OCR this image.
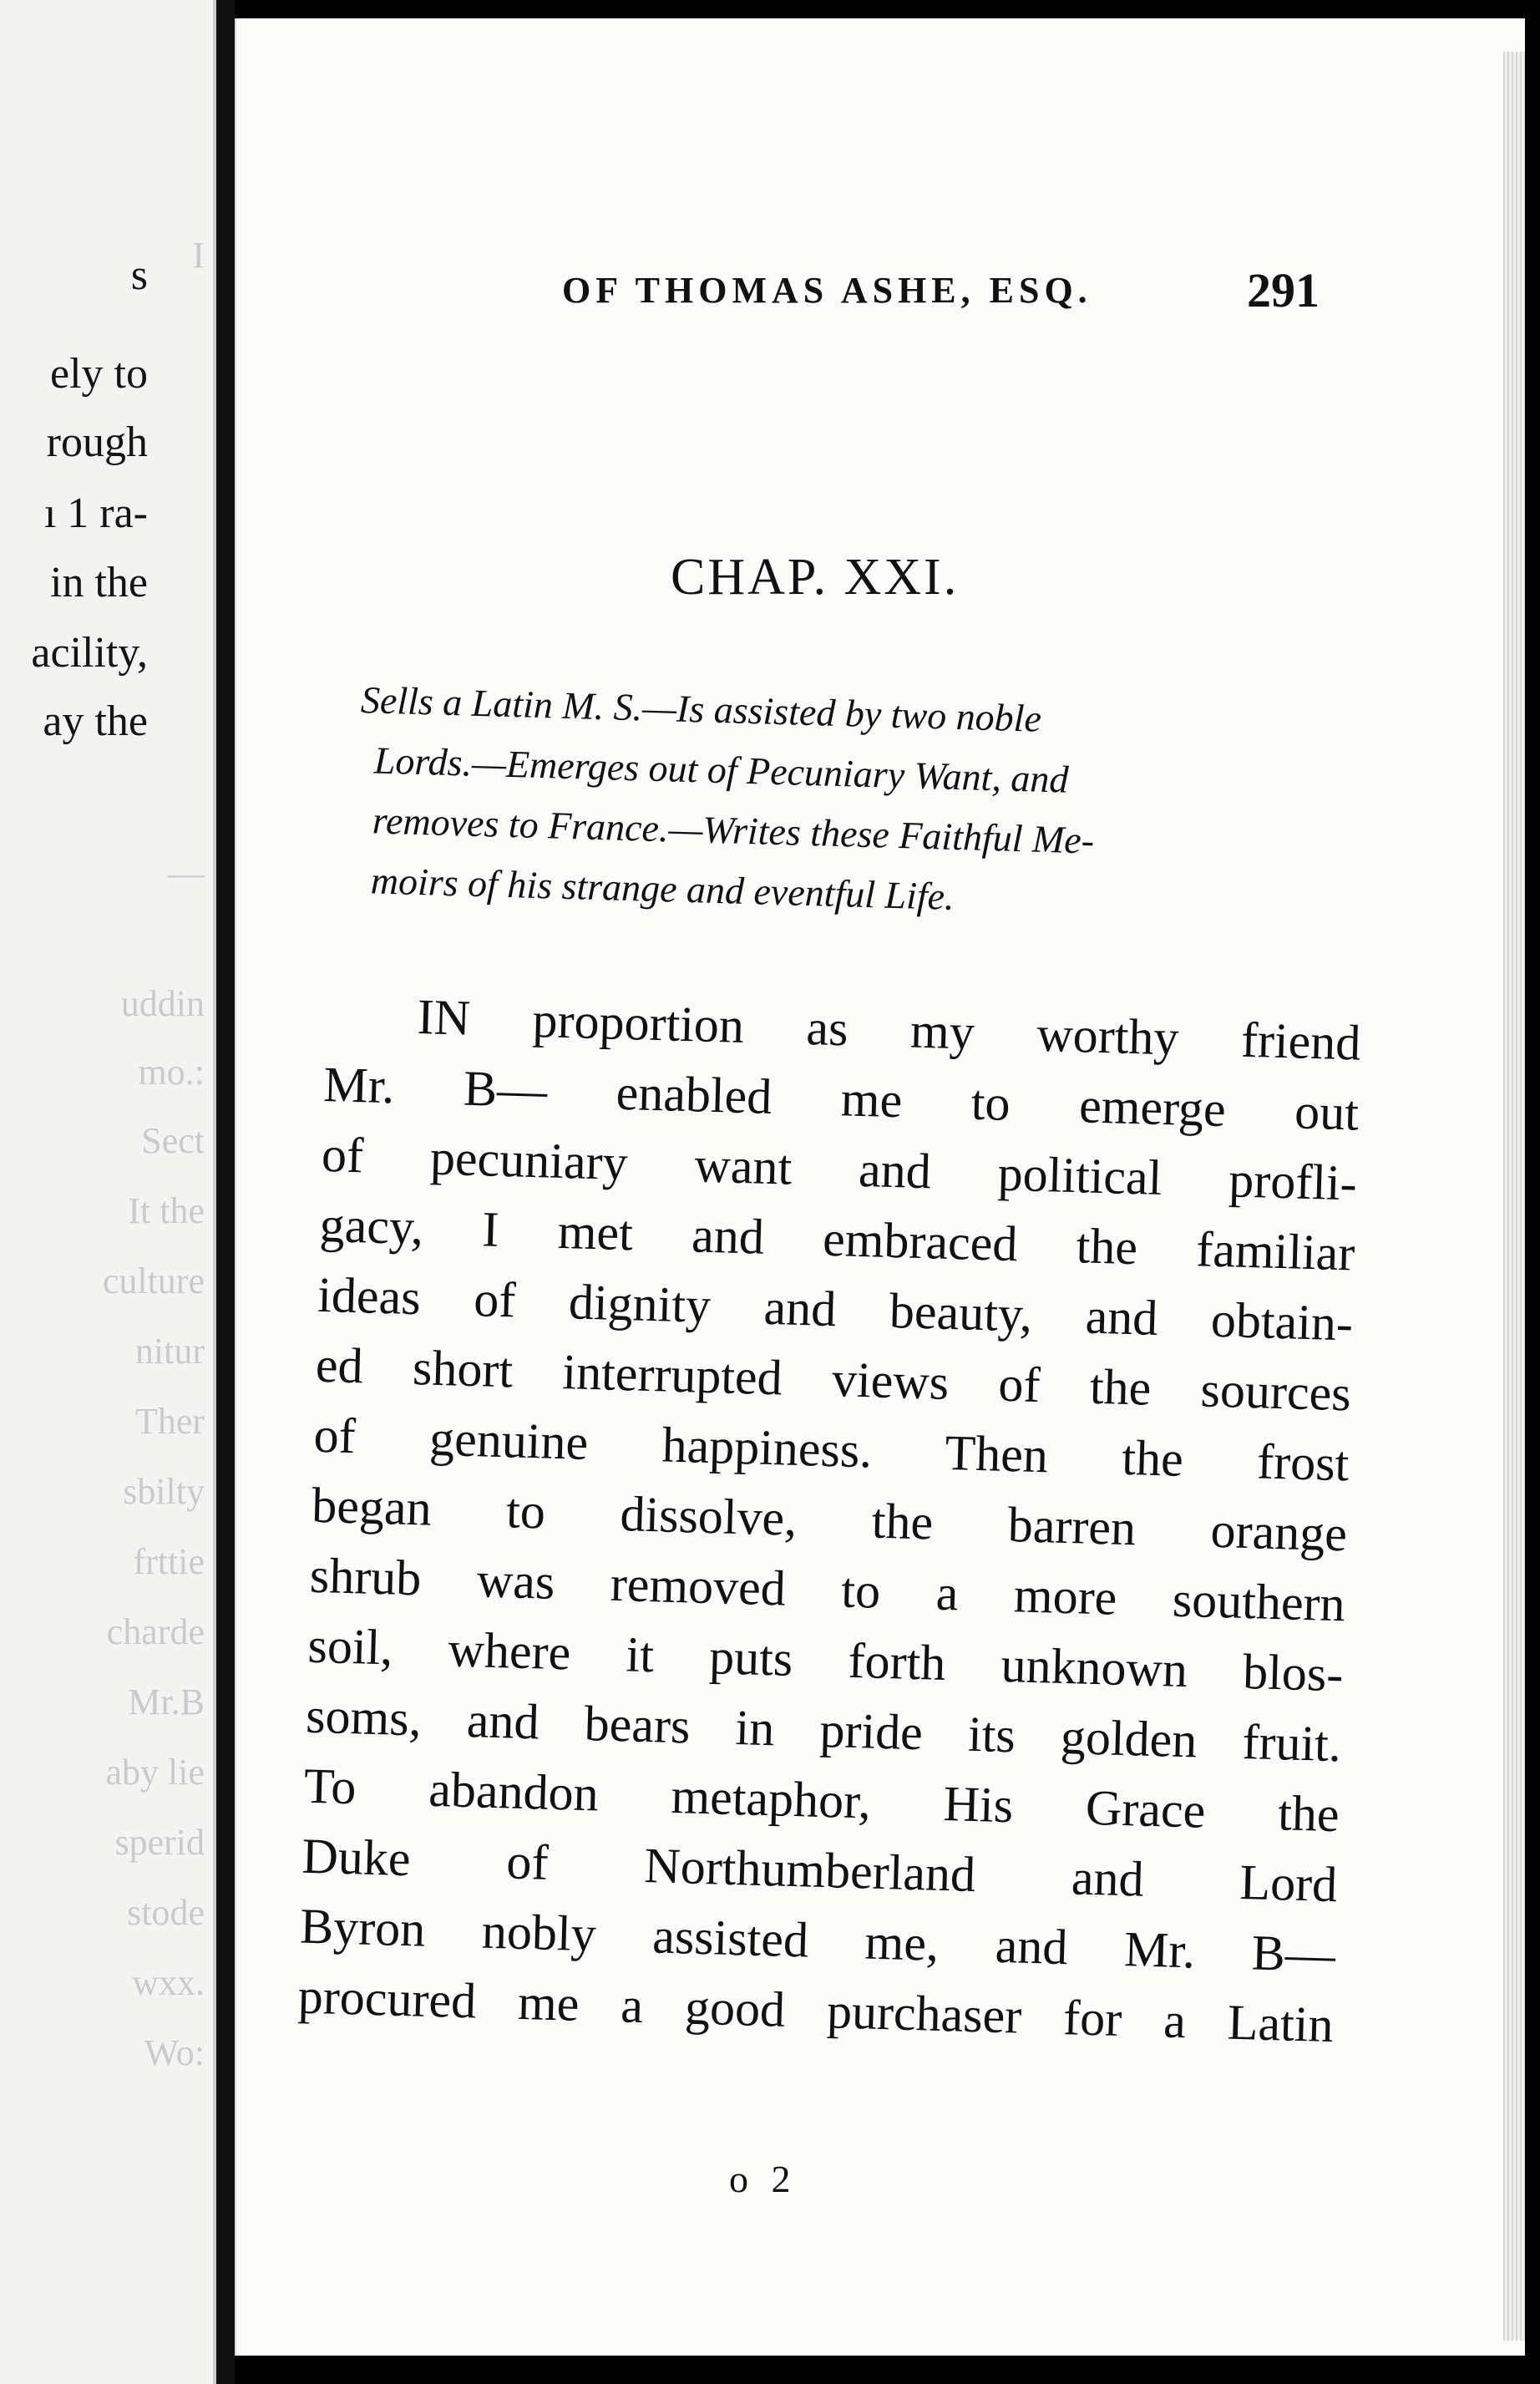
s
ely to
rough
ı 1 ra-
in the
acility,
ay the
I
—
uddin
mo.:
Sect
It the
culture
nitur
Ther
sbilty
frttie
charde
Mr.B
aby lie
sperid
stode
wxx.
Wo:
OF THOMAS ASHE, ESQ.	291
CHAP. XXI.
Sells a Latin M. S.—Is assisted by two noble
Lords.—Emerges out of Pecuniary Want, and
removes to France.—Writes these Faithful Me-
moirs of his strange and eventful Life.
IN proportion as my worthy friend
Mr. B— enabled me to emerge out
of pecuniary want and political profli-
gacy, I met and embraced the familiar
ideas of dignity and beauty, and obtain-
ed short interrupted views of the sources
of genuine happiness. Then the frost
began to dissolve, the barren orange
shrub was removed to a more southern
soil, where it puts forth unknown blos-
soms, and bears in pride its golden fruit.
To abandon metaphor, His Grace the
Duke of Northumberland and Lord
Byron nobly assisted me, and Mr. B—
procured me a good purchaser for a Latin
o 2
